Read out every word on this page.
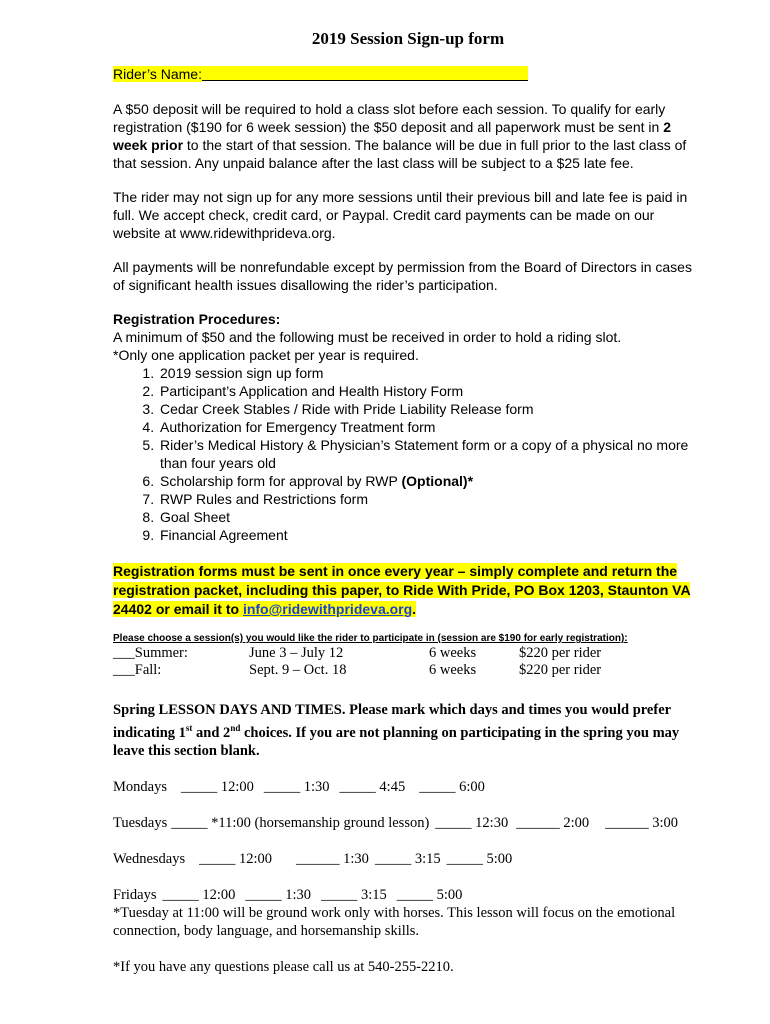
2019 Session Sign-up form
Rider’s Name:

A $50 deposit will be required to hold a class slot before each session. To qualify for early registration ($190 for 6 week session) the $50 deposit and all paperwork must be sent in 2 week prior to the start of that session. The balance will be due in full prior to the last class of that session. Any unpaid balance after the last class will be subject to a $25 late fee.

The rider may not sign up for any more sessions until their previous bill and late fee is paid in full. We accept check, credit card, or Paypal. Credit card payments can be made on our website at www.ridewithprideva.org.

All payments will be nonrefundable except by permission from the Board of Directors in cases of significant health issues disallowing the rider’s participation.

Registration Procedures:
A minimum of $50 and the following must be received in order to hold a riding slot.
*Only one application packet per year is required.
1. 2019 session sign up form
2. Participant’s Application and Health History Form
3. Cedar Creek Stables / Ride with Pride Liability Release form
4. Authorization for Emergency Treatment form
5. Rider’s Medical History & Physician’s Statement form or a copy of a physical no more than four years old
6. Scholarship form for approval by RWP (Optional)*
7. RWP Rules and Restrictions form
8. Goal Sheet
9. Financial Agreement

Registration forms must be sent in once every year – simply complete and return the registration packet, including this paper, to Ride With Pride, PO Box 1203, Staunton VA 24402 or email it to info@ridewithprideva.org.

Please choose a session(s) you would like the rider to participate in (session are $190 for early registration):
___Summer:	June 3 – July 12	6 weeks	$220 per rider
___Fall:	Sept. 9 – Oct. 18	6 weeks	$220 per rider

Spring LESSON DAYS AND TIMES. Please mark which days and times you would prefer indicating 1st and 2nd choices. If you are not planning on participating in the spring you may leave this section blank.

Mondays _____ 12:00 _____ 1:30 _____ 4:45 _____ 6:00
Tuesdays _____ *11:00 (horsemanship ground lesson) _____ 12:30 ______ 2:00 ______ 3:00
Wednesdays _____ 12:00 ______ 1:30 _____ 3:15 _____ 5:00
Fridays _____ 12:00 _____ 1:30 _____ 3:15 _____ 5:00

*Tuesday at 11:00 will be ground work only with horses. This lesson will focus on the emotional connection, body language, and horsemanship skills.

*If you have any questions please call us at 540-255-2210.
